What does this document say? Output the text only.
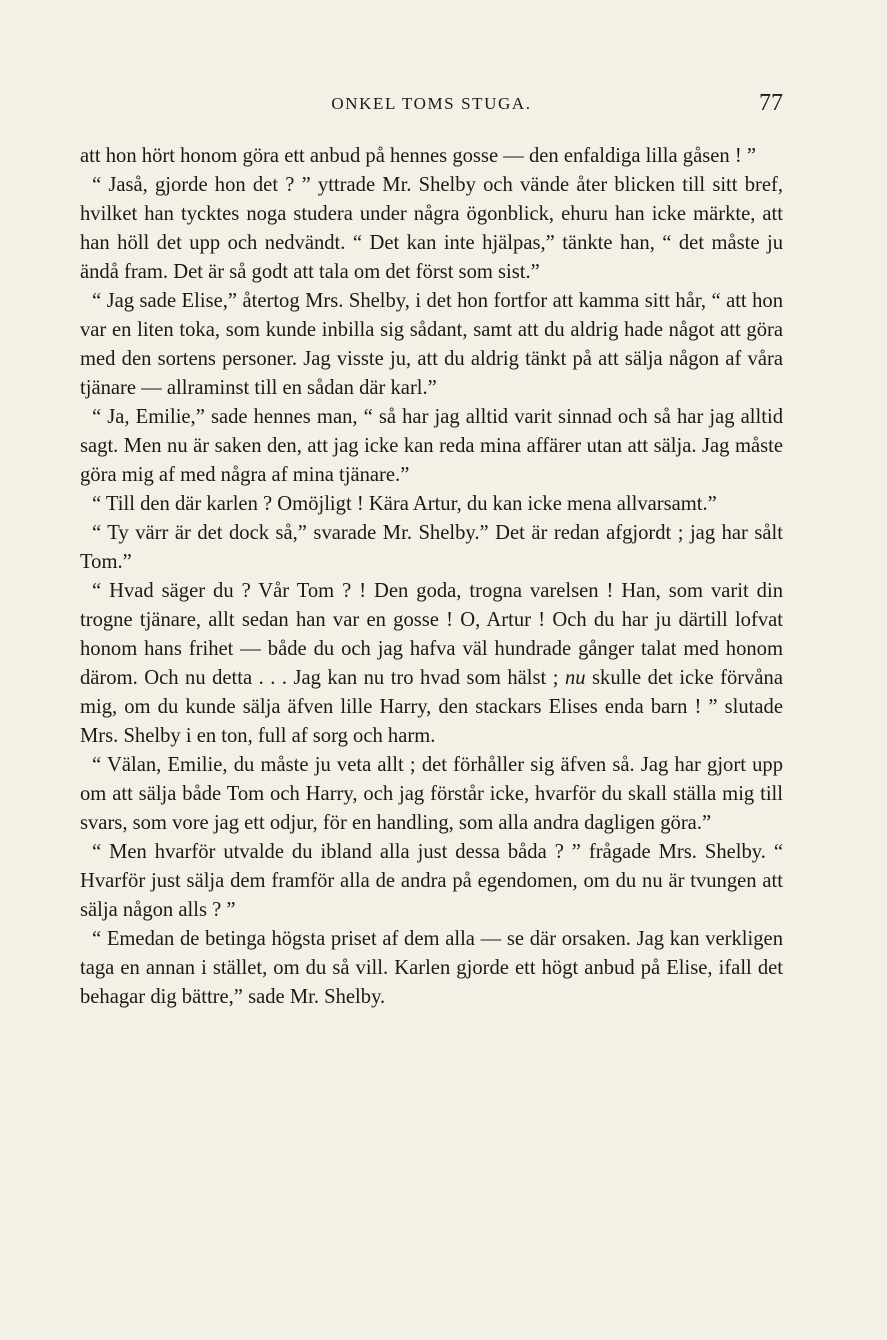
ONKEL TOMS STUGA.	77

att hon hört honom göra ett anbud på hennes gosse — den enfaldiga lilla gåsen ! ”

“ Jaså, gjorde hon det ? ” yttrade Mr. Shelby och vände åter blicken till sitt bref, hvilket han tycktes noga studera under några ögonblick, ehuru han icke märkte, att han höll det upp och nedvändt. “ Det kan inte hjälpas,” tänkte han, “ det måste ju ändå fram. Det är så godt att tala om det först som sist.”

“ Jag sade Elise,” återtog Mrs. Shelby, i det hon fortfor att kamma sitt hår, “ att hon var en liten toka, som kunde inbilla sig sådant, samt att du aldrig hade något att göra med den sortens personer. Jag visste ju, att du aldrig tänkt på att sälja någon af våra tjänare — allraminst till en sådan där karl.”

“ Ja, Emilie,” sade hennes man, “ så har jag alltid varit sinnad och så har jag alltid sagt. Men nu är saken den, att jag icke kan reda mina affärer utan att sälja. Jag måste göra mig af med några af mina tjänare.”

“ Till den där karlen ? Omöjligt ! Kära Artur, du kan icke mena allvarsamt.”

“ Ty värr är det dock så,” svarade Mr. Shelby.” Det är redan afgjordt ; jag har sålt Tom.”

“ Hvad säger du ? Vår Tom ? ! Den goda, trogna varelsen ! Han, som varit din trogne tjänare, allt sedan han var en gosse ! O, Artur ! Och du har ju därtill lofvat honom hans frihet — både du och jag hafva väl hundrade gånger talat med honom därom. Och nu detta . . . Jag kan nu tro hvad som hälst ; nu skulle det icke förvåna mig, om du kunde sälja äfven lille Harry, den stackars Elises enda barn ! ” slutade Mrs. Shelby i en ton, full af sorg och harm.

“ Välan, Emilie, du måste ju veta allt ; det förhåller sig äfven så. Jag har gjort upp om att sälja både Tom och Harry, och jag förstår icke, hvarför du skall ställa mig till svars, som vore jag ett odjur, för en handling, som alla andra dagligen göra.”

“ Men hvarför utvalde du ibland alla just dessa båda ? ” frågade Mrs. Shelby. “ Hvarför just sälja dem framför alla de andra på egendomen, om du nu är tvungen att sälja någon alls ? ”

“ Emedan de betinga högsta priset af dem alla — se där orsaken. Jag kan verkligen taga en annan i stället, om du så vill. Karlen gjorde ett högt anbud på Elise, ifall det behagar dig bättre,” sade Mr. Shelby.
